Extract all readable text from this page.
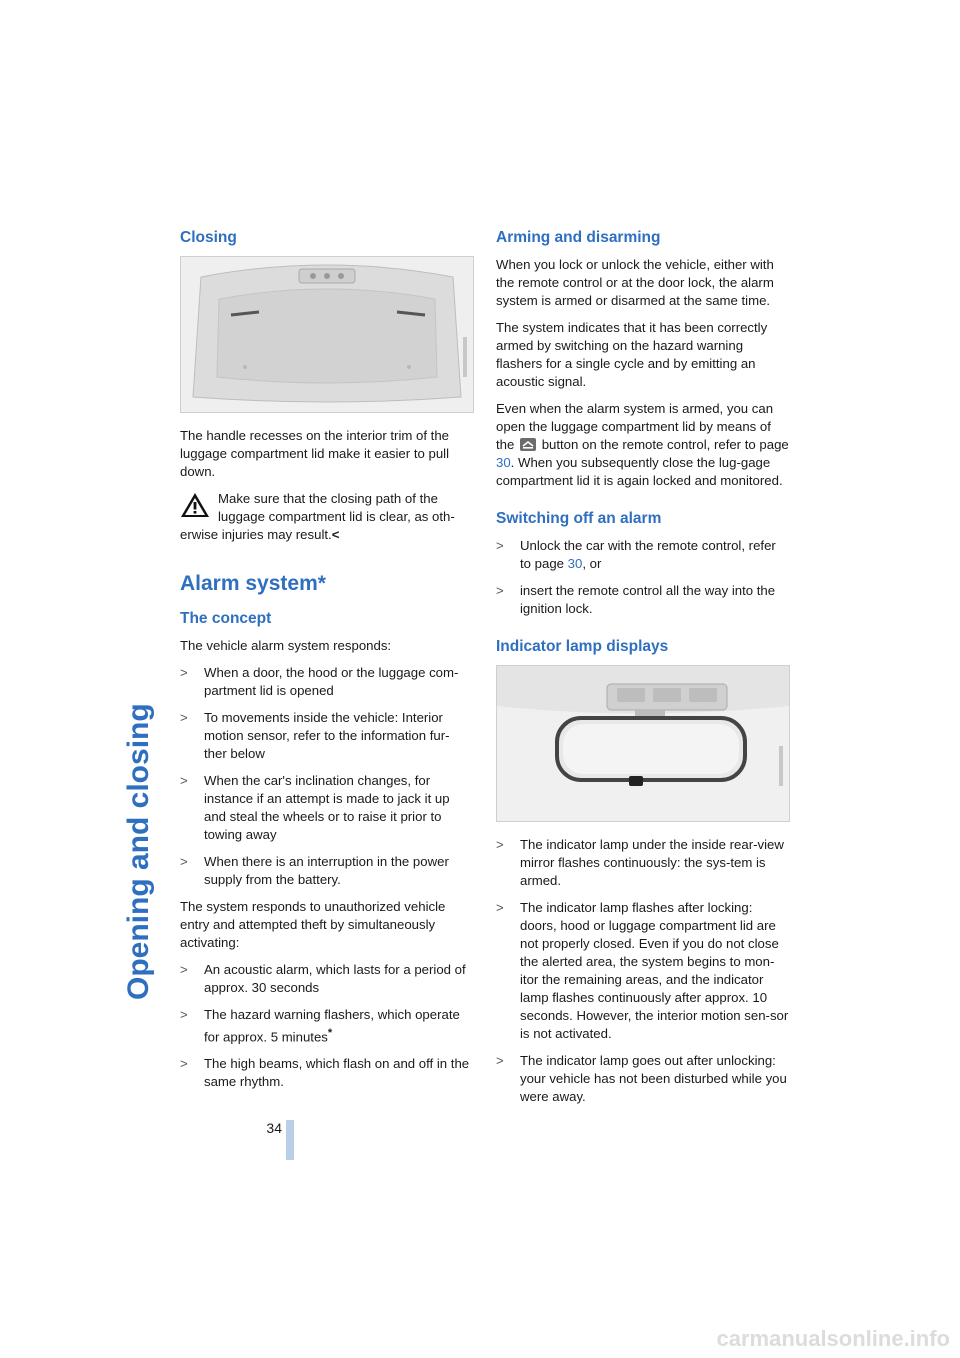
Opening and closing
Closing

The handle recesses on the interior trim of the luggage compartment lid make it easier to pull down.

Make sure that the closing path of the luggage compartment lid is clear, as oth-erwise injuries may result.<
Alarm system*
The concept

The vehicle alarm system responds:

>	When a door, the hood or the luggage com-partment lid is opened
>	To movements inside the vehicle: Interior motion sensor, refer to the information fur-ther below
>	When the car's inclination changes, for instance if an attempt is made to jack it up and steal the wheels or to raise it prior to towing away
>	When there is an interruption in the power supply from the battery.

The system responds to unauthorized vehicle entry and attempted theft by simultaneously activating:

>	An acoustic alarm, which lasts for a period of approx. 30 seconds
>	The hazard warning flashers, which operate for approx. 5 minutes*
>	The high beams, which flash on and off in the same rhythm.
Arming and disarming

When you lock or unlock the vehicle, either with the remote control or at the door lock, the alarm system is armed or disarmed at the same time.

The system indicates that it has been correctly armed by switching on the hazard warning flashers for a single cycle and by emitting an acoustic signal.

Even when the alarm system is armed, you can open the luggage compartment lid by means of the button on the remote control, refer to page 30. When you subsequently close the lug-gage compartment lid it is again locked and monitored.

Switching off an alarm
>	Unlock the car with the remote control, refer to page 30, or
>	insert the remote control all the way into the ignition lock.
Indicator lamp displays
>	The indicator lamp under the inside rear-view mirror flashes continuously: the sys-tem is armed.
>	The indicator lamp flashes after locking: doors, hood or luggage compartment lid are not properly closed. Even if you do not close the alerted area, the system begins to mon-itor the remaining areas, and the indicator lamp flashes continuously after approx. 10 seconds. However, the interior motion sen-sor is not activated.
>	The indicator lamp goes out after unlocking: your vehicle has not been disturbed while you were away.
34
carmanualsonline.info
